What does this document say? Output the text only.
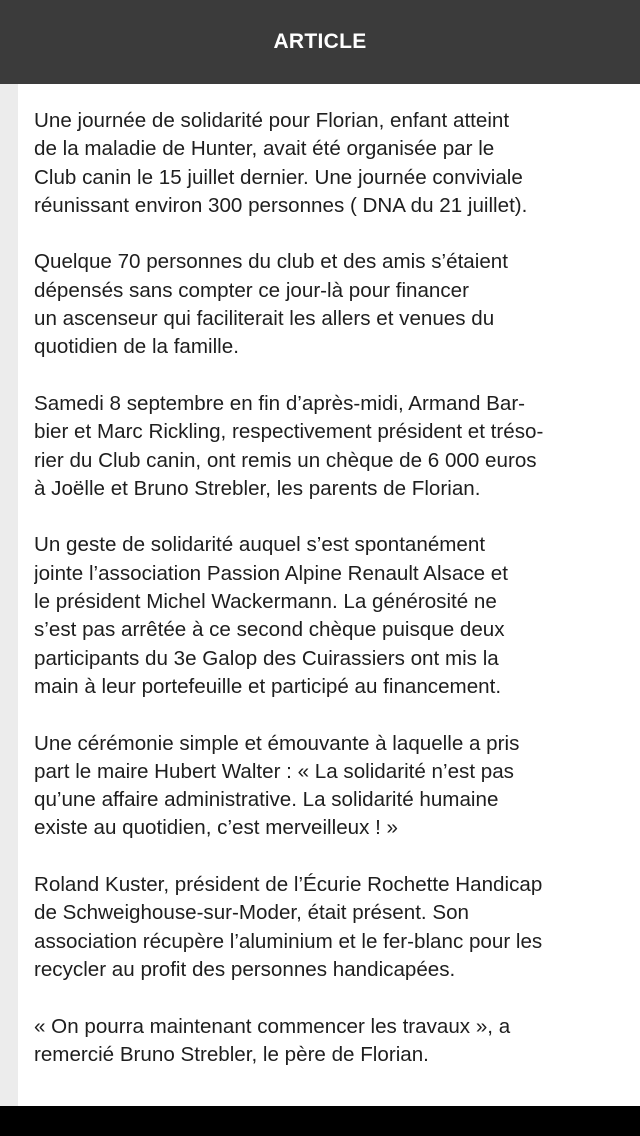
ARTICLE

Une journée de solidarité pour Florian, enfant atteint
de la maladie de Hunter, avait été organisée par le
Club canin le 15 juillet dernier. Une journée conviviale
réunissant environ 300 personnes ( DNA du 21 juillet).

Quelque 70 personnes du club et des amis s’étaient
dépensés sans compter ce jour-là pour financer
un ascenseur qui faciliterait les allers et venues du
quotidien de la famille.

Samedi 8 septembre en fin d’après-midi, Armand Bar-
bier et Marc Rickling, respectivement président et tréso-
rier du Club canin, ont remis un chèque de 6 000 euros
à Joëlle et Bruno Strebler, les parents de Florian.

Un geste de solidarité auquel s’est spontanément
jointe l’association Passion Alpine Renault Alsace et
le président Michel Wackermann. La générosité ne
s’est pas arrêtée à ce second chèque puisque deux
participants du 3e Galop des Cuirassiers ont mis la
main à leur portefeuille et participé au financement.

Une cérémonie simple et émouvante à laquelle a pris
part le maire Hubert Walter : « La solidarité n’est pas
qu’une affaire administrative. La solidarité humaine
existe au quotidien, c’est merveilleux ! »

Roland Kuster, président de l’Écurie Rochette Handicap
de Schweighouse-sur-Moder, était présent. Son
association récupère l’aluminium et le fer-blanc pour les
recycler au profit des personnes handicapées.

« On pourra maintenant commencer les travaux », a
remercié Bruno Strebler, le père de Florian.
